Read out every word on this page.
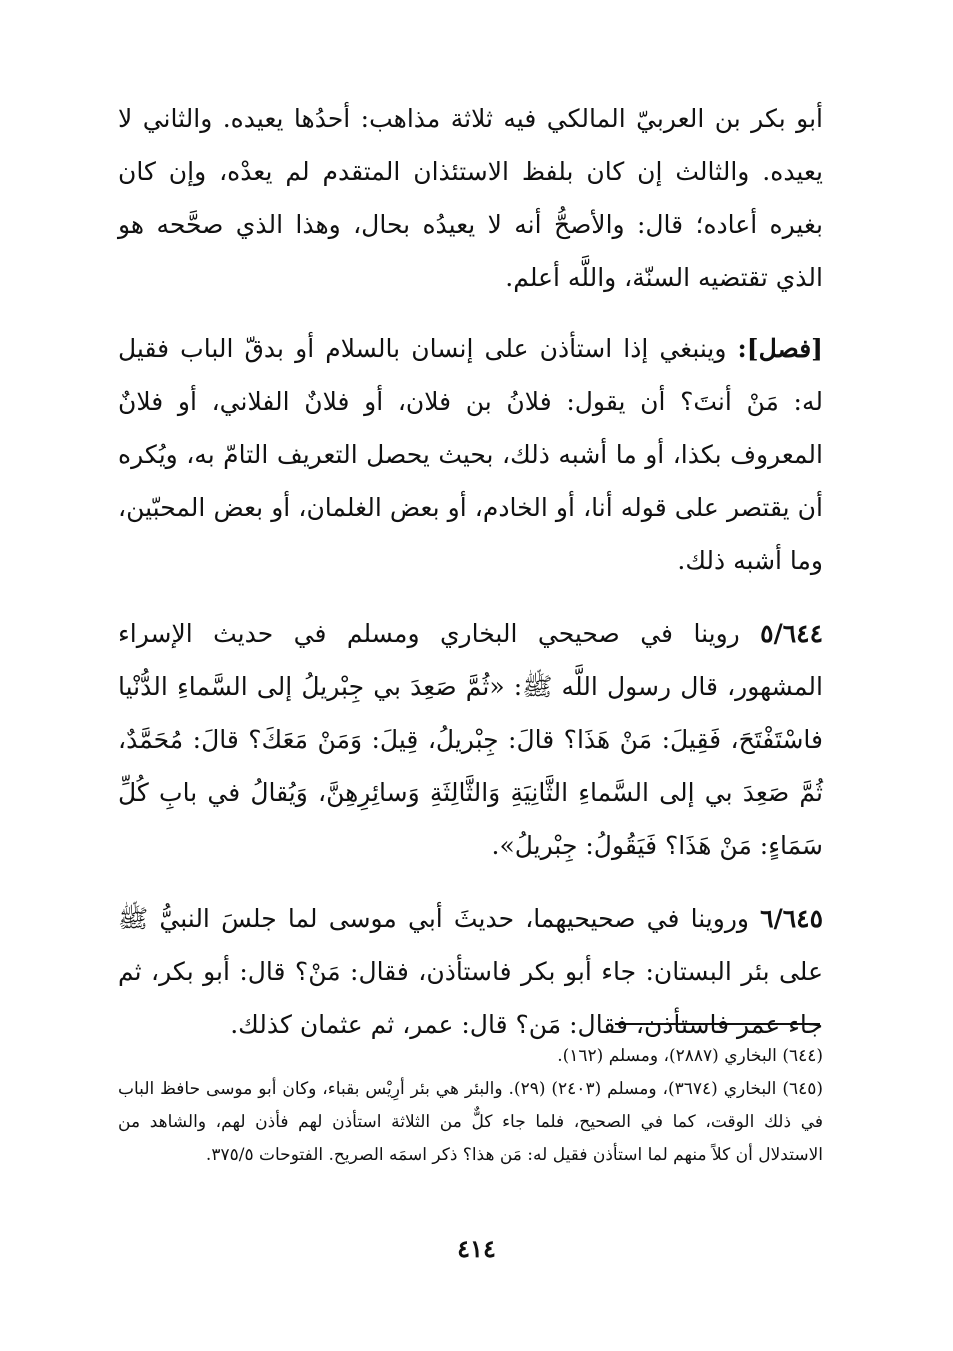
أبو بكر بن العربيّ المالكي فيه ثلاثة مذاهب: أحدُها يعيده. والثاني لا يعيده. والثالث إن كان بلفظ الاستئذان المتقدم لم يعدْه، وإن كان بغيره أعاده؛ قال: والأصحُّ أنه لا يعيدُه بحال، وهذا الذي صحَّحه هو الذي تقتضيه السنّة، واللَّه أعلم.

[فصل]: وينبغي إذا استأذن على إنسان بالسلام أو بدقّ الباب فقيل له: مَنْ أنتَ؟ أن يقول: فلانُ بن فلان، أو فلانٌ الفلاني، أو فلانٌ المعروف بكذا، أو ما أشبه ذلك، بحيث يحصل التعريف التامّ به، ويُكره أن يقتصر على قوله أنا، أو الخادم، أو بعض الغلمان، أو بعض المحبّين، وما أشبه ذلك.

٥/٦٤٤ روينا في صحيحي البخاري ومسلم في حديث الإسراء المشهور، قال رسول اللَّه ﷺ: «ثُمَّ صَعِدَ بي جِبْريلُ إلى السَّماءِ الدُّنْيا فاسْتَفْتَحَ، فَقِيلَ: مَنْ هَذَا؟ قالَ: جِبْريلُ، قِيلَ: وَمَنْ مَعَكَ؟ قالَ: مُحَمَّدٌ، ثُمَّ صَعِدَ بي إلى السَّماءِ الثَّانِيَةِ وَالثَّالِثَةِ وَسائِرِهِنَّ، وَيُقالُ في بابِ كُلِّ سَمَاءٍ: مَنْ هَذَا؟ فَيَقُولُ: جِبْريلُ».

٦/٦٤٥ وروينا في صحيحيهما، حديثَ أبي موسى لما جلسَ النبيُّ ﷺ على بئر البستان: جاء أبو بكر فاستأذن، فقال: مَنْ؟ قال: أبو بكر، ثم جاء عمر فاستأذن، فقال: مَن؟ قال: عمر، ثم عثمان كذلك.

(٦٤٤) البخاري (٢٨٨٧)، ومسلم (١٦٢).

(٦٤٥) البخاري (٣٦٧٤)، ومسلم (٢٤٠٣) (٢٩). والبئر هي بئر أرِيْس بقباء، وكان أبو موسى حافظ الباب في ذلك الوقت، كما في الصحيح، فلما جاء كلٌّ من الثلاثة استأذن لهم فأذن لهم، والشاهد من الاستدلال أن كلاً منهم لما استأذن فقيل له: مَن هذا؟ ذكر اسمَه الصريح. الفتوحات ٣٧٥/٥.

٤١٤
